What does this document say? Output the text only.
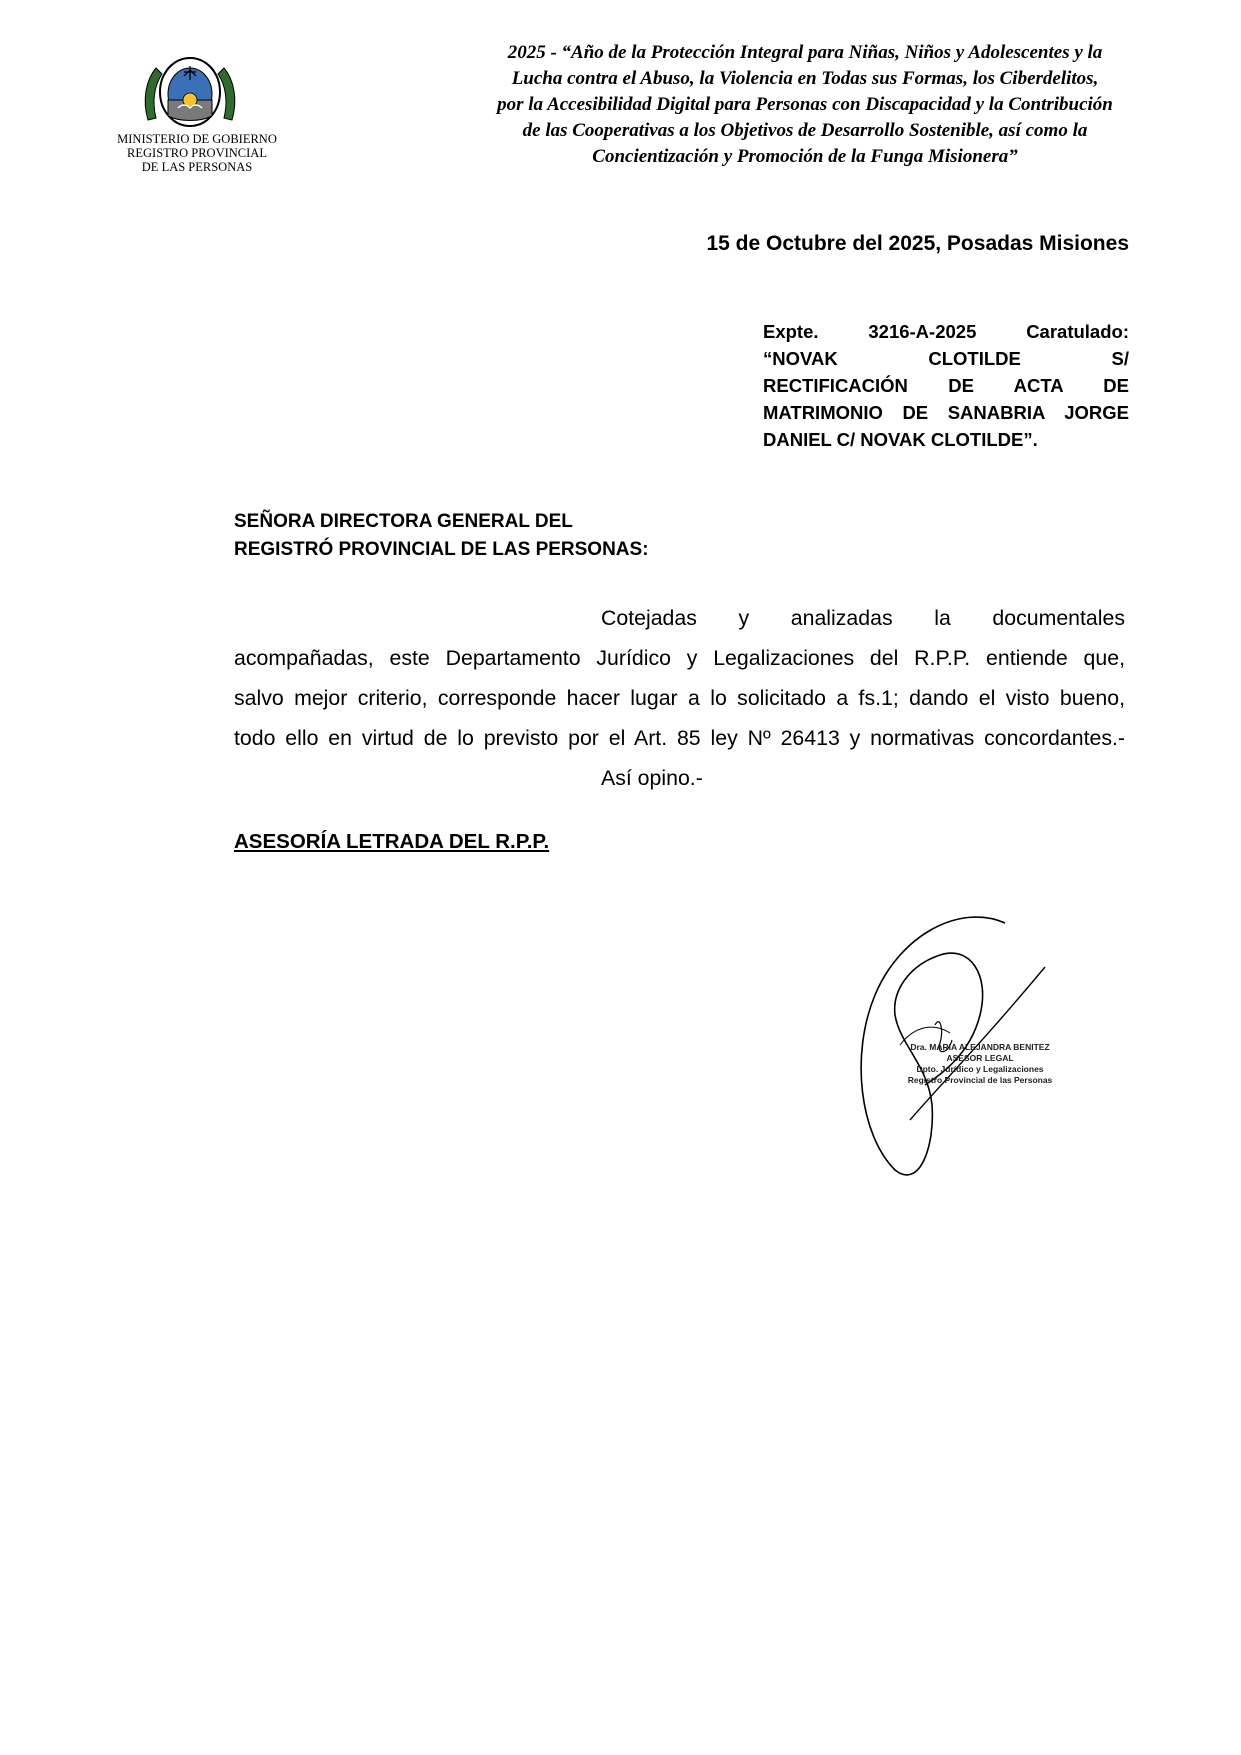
MINISTERIO DE GOBIERNO
REGISTRO PROVINCIAL
DE LAS PERSONAS
2025 - “Año de la Protección Integral para Niñas, Niños y Adolescentes y la
Lucha contra el Abuso, la Violencia en Todas sus Formas, los Ciberdelitos,
por la Accesibilidad Digital para Personas con Discapacidad y la Contribución
de las Cooperativas a los Objetivos de Desarrollo Sostenible, así como la
Concientización y Promoción de la Funga Misionera”
15 de Octubre del 2025, Posadas Misiones
Expte. 3216-A-2025 Caratulado:
“NOVAK CLOTILDE S/
RECTIFICACIÓN DE ACTA DE
MATRIMONIO DE SANABRIA JORGE
DANIEL C/ NOVAK CLOTILDE”.
SEÑORA DIRECTORA GENERAL DEL
REGISTRÓ PROVINCIAL DE LAS PERSONAS:
Cotejadas y analizadas la documentales
acompañadas, este Departamento Jurídico y Legalizaciones del R.P.P. entiende que,
salvo mejor criterio, corresponde hacer lugar a lo solicitado a fs.1; dando el visto bueno,
todo ello en virtud de lo previsto por el Art. 85 ley Nº 26413 y normativas concordantes.-
Así opino.-
ASESORÍA LETRADA DEL R.P.P.
Dra. MARIA ALEJANDRA BENITEZ
ASESOR LEGAL
Dpto. Jurídico y Legalizaciones
Registro Provincial de las Personas
